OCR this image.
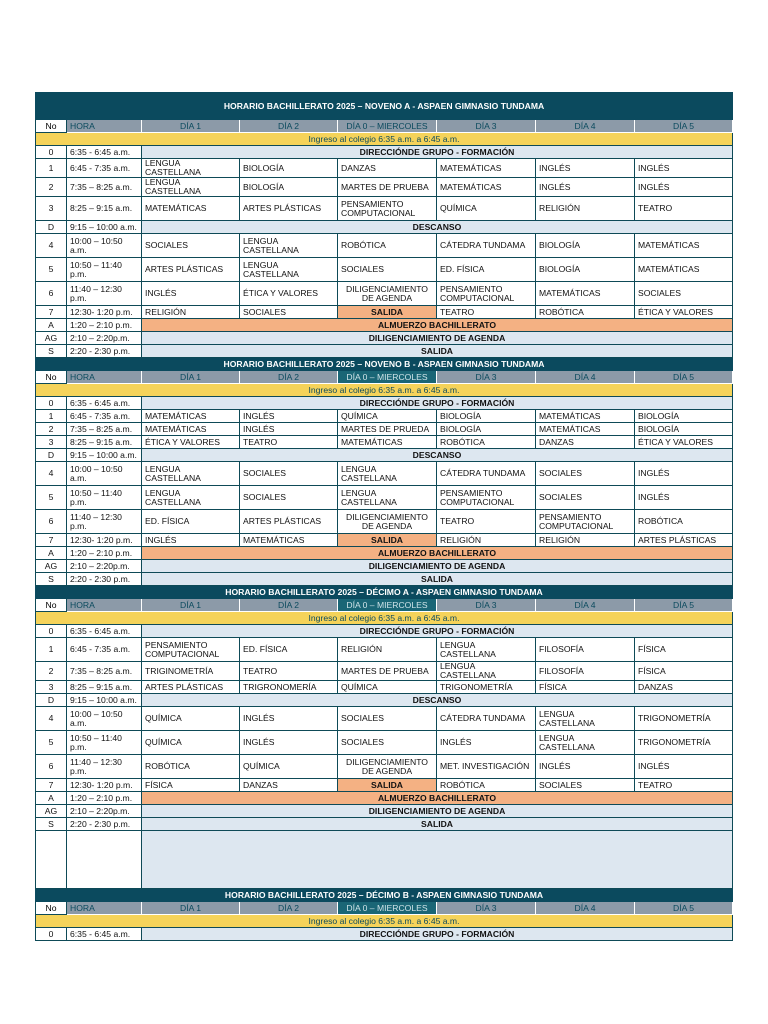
HORARIO BACHILLERATO 2025 – NOVENO A - ASPAEN GIMNASIO TUNDAMA							
No	HORA	DÍA 1	DÍA 2	DÍA 0 – MIERCOLES	DÍA 3	DÍA 4	DÍA 5
Ingreso al colegio 6:35 a.m. a 6:45 a.m.							
0	6:35 - 6:45 a.m.	DIRECCIÓNDE GRUPO - FORMACIÓN					
1	6:45 - 7:35 a.m.	LENGUA CASTELLANA	BIOLOGÍA	DANZAS	MATEMÁTICAS	INGLÉS	INGLÉS
2	7:35 – 8:25 a.m.	LENGUA CASTELLANA	BIOLOGÍA	MARTES DE PRUEBA	MATEMÁTICAS	INGLÉS	INGLÉS
3	8:25 – 9:15 a.m.	MATEMÁTICAS	ARTES PLÁSTICAS	PENSAMIENTO COMPUTACIONAL	QUÍMICA	RELIGIÓN	TEATRO
D	9:15 – 10:00 a.m.	DESCANSO					
4	10:00 – 10:50 a.m.	SOCIALES	LENGUA CASTELLANA	ROBÓTICA	CÁTEDRA TUNDAMA	BIOLOGÍA	MATEMÁTICAS
5	10:50 – 11:40 p.m.	ARTES PLÁSTICAS	LENGUA CASTELLANA	SOCIALES	ED. FÍSICA	BIOLOGÍA	MATEMÁTICAS
6	11:40 – 12:30 p.m.	INGLÉS	ÉTICA Y VALORES	DILIGENCIAMIENTO DE AGENDA	PENSAMIENTO COMPUTACIONAL	MATEMÁTICAS	SOCIALES
7	12:30- 1:20 p.m.	RELIGIÓN	SOCIALES	SALIDA	TEATRO	ROBÓTICA	ÉTICA Y VALORES
A	1:20 – 2:10 p.m.	ALMUERZO BACHILLERATO					
AG	2:10 – 2:20p.m.	DILIGENCIAMIENTO DE AGENDA					
S	2:20 - 2:30 p.m.	SALIDA					
HORARIO BACHILLERATO 2025 – NOVENO B - ASPAEN GIMNASIO TUNDAMA							
No	HORA	DÍA 1	DÍA 2	DÍA 0 – MIERCOLES	DÍA 3	DÍA 4	DÍA 5
Ingreso al colegio 6:35 a.m. a 6:45 a.m.							
0	6:35 - 6:45 a.m.	DIRECCIÓNDE GRUPO - FORMACIÓN					
1	6:45 - 7:35 a.m.	MATEMÁTICAS	INGLÉS	QUÍMICA	BIOLOGÍA	MATEMÁTICAS	BIOLOGÍA
2	7:35 – 8:25 a.m.	MATEMÁTICAS	INGLÉS	MARTES DE PRUEDA	BIOLOGÍA	MATEMÁTICAS	BIOLOGÍA
3	8:25 – 9:15 a.m.	ÉTICA Y VALORES	TEATRO	MATEMÁTICAS	ROBÓTICA	DANZAS	ÉTICA Y VALORES
D	9:15 – 10:00 a.m.	DESCANSO					
4	10:00 – 10:50 a.m.	LENGUA CASTELLANA	SOCIALES	LENGUA CASTELLANA	CÁTEDRA TUNDAMA	SOCIALES	INGLÉS
5	10:50 – 11:40 p.m.	LENGUA CASTELLANA	SOCIALES	LENGUA CASTELLANA	PENSAMIENTO COMPUTACIONAL	SOCIALES	INGLÉS
6	11:40 – 12:30 p.m.	ED. FÍSICA	ARTES PLÁSTICAS	DILIGENCIAMIENTO DE AGENDA	TEATRO	PENSAMIENTO COMPUTACIONAL	ROBÓTICA
7	12:30- 1:20 p.m.	INGLÉS	MATEMÁTICAS	SALIDA	RELIGIÓN	RELIGIÓN	ARTES PLÁSTICAS
A	1:20 – 2:10 p.m.	ALMUERZO BACHILLERATO					
AG	2:10 – 2:20p.m.	DILIGENCIAMIENTO DE AGENDA					
S	2:20 - 2:30 p.m.	SALIDA					
HORARIO BACHILLERATO 2025 – DÉCIMO A - ASPAEN GIMNASIO TUNDAMA							
No	HORA	DÍA 1	DÍA 2	DÍA 0 – MIERCOLES	DÍA 3	DÍA 4	DÍA 5
Ingreso al colegio 6:35 a.m. a 6:45 a.m.							
0	6:35 - 6:45 a.m.	DIRECCIÓNDE GRUPO - FORMACIÓN					
1	6:45 - 7:35 a.m.	PENSAMIENTO COMPUTACIONAL	ED. FÍSICA	RELIGIÓN	LENGUA CASTELLANA	FILOSOFÍA	FÍSICA
2	7:35 – 8:25 a.m.	TRIGINOMETRÍA	TEATRO	MARTES DE PRUEBA	LENGUA CASTELLANA	FILOSOFÍA	FÍSICA
3	8:25 – 9:15 a.m.	ARTES PLÁSTICAS	TRIGRONOMERÍA	QUÍMICA	TRIGONOMETRÍA	FÍSICA	DANZAS
D	9:15 – 10:00 a.m.	DESCANSO					
4	10:00 – 10:50 a.m.	QUÍMICA	INGLÉS	SOCIALES	CÁTEDRA TUNDAMA	LENGUA CASTELLANA	TRIGONOMETRÍA
5	10:50 – 11:40 p.m.	QUÍMICA	INGLÉS	SOCIALES	INGLÉS	LENGUA CASTELLANA	TRIGONOMETRÍA
6	11:40 – 12:30 p.m.	ROBÓTICA	QUÍMICA	DILIGENCIAMIENTO DE AGENDA	MET. INVESTIGACIÓN	INGLÉS	INGLÉS
7	12:30- 1:20 p.m.	FÍSICA	DANZAS	SALIDA	ROBÓTICA	SOCIALES	TEATRO
A	1:20 – 2:10 p.m.	ALMUERZO BACHILLERATO					
AG	2:10 – 2:20p.m.	DILIGENCIAMIENTO DE AGENDA					
S	2:20 - 2:30 p.m.	SALIDA					

HORARIO BACHILLERATO 2025 – DÉCIMO B - ASPAEN GIMNASIO TUNDAMA							
No	HORA	DÍA 1	DÍA 2	DÍA 0 – MIERCOLES	DÍA 3	DÍA 4	DÍA 5
Ingreso al colegio 6:35 a.m. a 6:45 a.m.							
0	6:35 - 6:45 a.m.	DIRECCIÓNDE GRUPO - FORMACIÓN					
